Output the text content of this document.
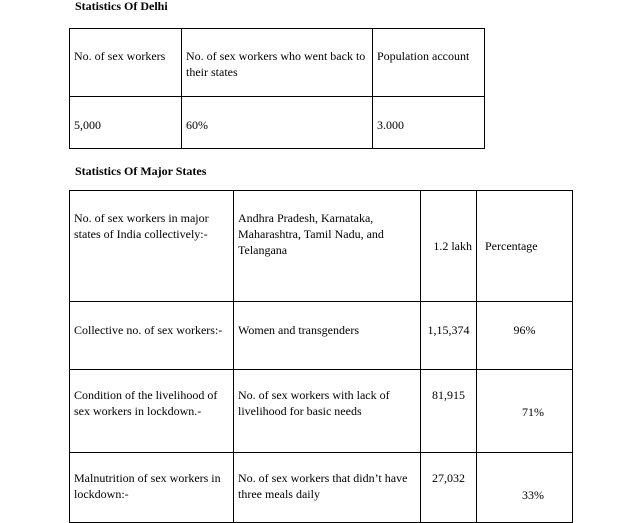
Statistics Of Delhi
No. of sex workers	No. of sex workers who went back to their states	Population account
5,000	60%	3.000
Statistics Of Major States
No. of sex workers in major states of India collectively:-	Andhra Pradesh, Karnataka, Maharashtra, Tamil Nadu, and Telangana	1.2 lakh	Percentage
Collective no. of sex workers:-	Women and transgenders	1,15,374	96%
Condition of the livelihood of sex workers in lockdown.-	No. of sex workers with lack of livelihood for basic needs	81,915	71%
Malnutrition of sex workers in lockdown:-	No. of sex workers that didn’t have three meals daily	27,032	33%
